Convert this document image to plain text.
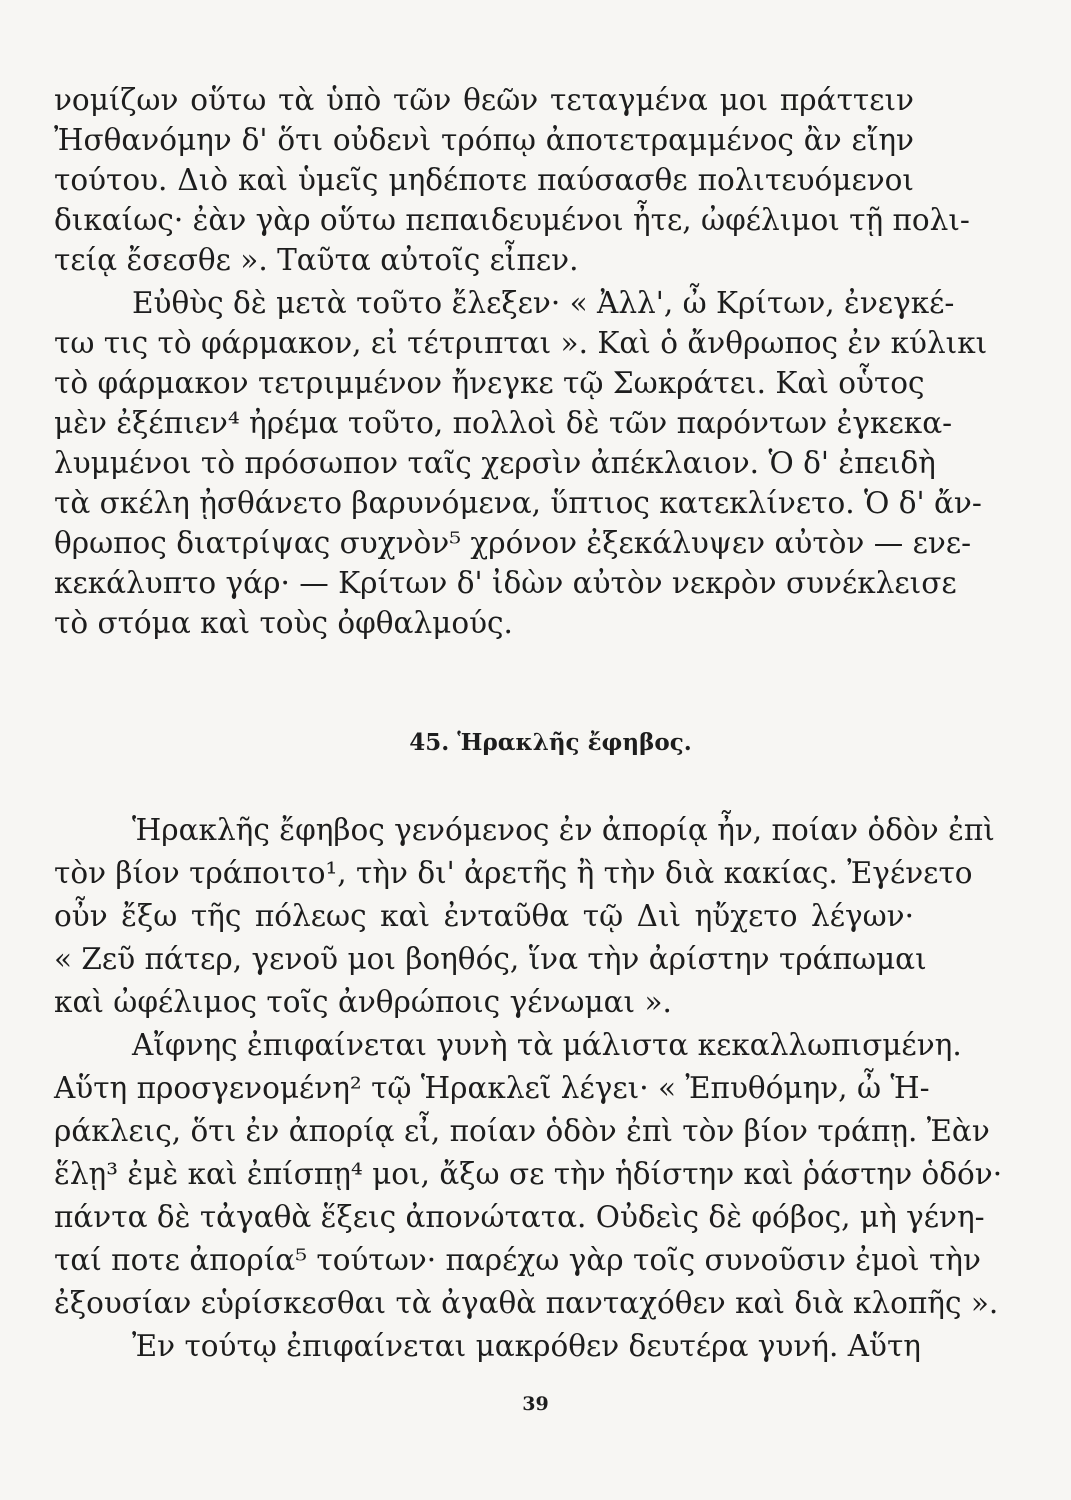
νομίζων οὕτω τὰ ὑπὸ τῶν θεῶν τεταγμένα μοι πράττειν
Ἠσθανόμην δ' ὅτι οὐδενὶ τρόπῳ ἀποτετραμμένος ἂν εἴην
τούτου. Διὸ καὶ ὑμεῖς μηδέποτε παύσασθε πολιτευόμενοι
δικαίως· ἐὰν γὰρ οὕτω πεπαιδευμένοι ἦτε, ὠφέλιμοι τῇ πολι-
τείᾳ ἔσεσθε ». Ταῦτα αὐτοῖς εἶπεν.
Εὐθὺς δὲ μετὰ τοῦτο ἔλεξεν· « Ἀλλ', ὦ Κρίτων, ἐνεγκέ-
τω τις τὸ φάρμακον, εἰ τέτριπται ». Καὶ ὁ ἄνθρωπος ἐν κύλικι
τὸ φάρμακον τετριμμένον ἤνεγκε τῷ Σωκράτει. Καὶ οὗτος
μὲν ἐξέπιεν⁴ ἠρέμα τοῦτο, πολλοὶ δὲ τῶν παρόντων ἐγκεκα-
λυμμένοι τὸ πρόσωπον ταῖς χερσὶν ἀπέκλαιον. Ὁ δ' ἐπειδὴ
τὰ σκέλη ᾐσθάνετο βαρυνόμενα, ὕπτιος κατεκλίνετο. Ὁ δ' ἄν-
θρωπος διατρίψας συχνὸν⁵ χρόνον ἐξεκάλυψεν αὐτὸν — ενε-
κεκάλυπτο γάρ· — Κρίτων δ' ἰδὼν αὐτὸν νεκρὸν συνέκλεισε
τὸ στόμα καὶ τοὺς ὀφθαλμούς.
45. Ἡρακλῆς ἔφηβος.
Ἡρακλῆς ἔφηβος γενόμενος ἐν ἀπορίᾳ ἦν, ποίαν ὁδὸν ἐπὶ
τὸν βίον τράποιτο¹, τὴν δι' ἀρετῆς ἢ τὴν διὰ κακίας. Ἐγένετο
οὖν ἔξω τῆς πόλεως καὶ ἐνταῦθα τῷ Διὶ ηὔχετο λέγων·
« Ζεῦ πάτερ, γενοῦ μοι βοηθός, ἵνα τὴν ἀρίστην τράπωμαι
καὶ ὠφέλιμος τοῖς ἀνθρώποις γένωμαι ».
Αἴφνης ἐπιφαίνεται γυνὴ τὰ μάλιστα κεκαλλωπισμένη.
Αὕτη προσγενομένη² τῷ Ἡρακλεῖ λέγει· « Ἐπυθόμην, ὦ Ἡ-
ράκλεις, ὅτι ἐν ἀπορίᾳ εἶ, ποίαν ὁδὸν ἐπὶ τὸν βίον τράπῃ. Ἐὰν
ἕλῃ³ ἐμὲ καὶ ἐπίσπῃ⁴ μοι, ἄξω σε τὴν ἡδίστην καὶ ῥάστην ὁδόν·
πάντα δὲ τἀγαθὰ ἕξεις ἀπονώτατα. Οὐδεὶς δὲ φόβος, μὴ γένη-
ταί ποτε ἀπορία⁵ τούτων· παρέχω γὰρ τοῖς συνοῦσιν ἐμοὶ τὴν
ἐξουσίαν εὑρίσκεσθαι τὰ ἀγαθὰ πανταχόθεν καὶ διὰ κλοπῆς ».
Ἐν τούτῳ ἐπιφαίνεται μακρόθεν δευτέρα γυνή. Αὕτη
39
